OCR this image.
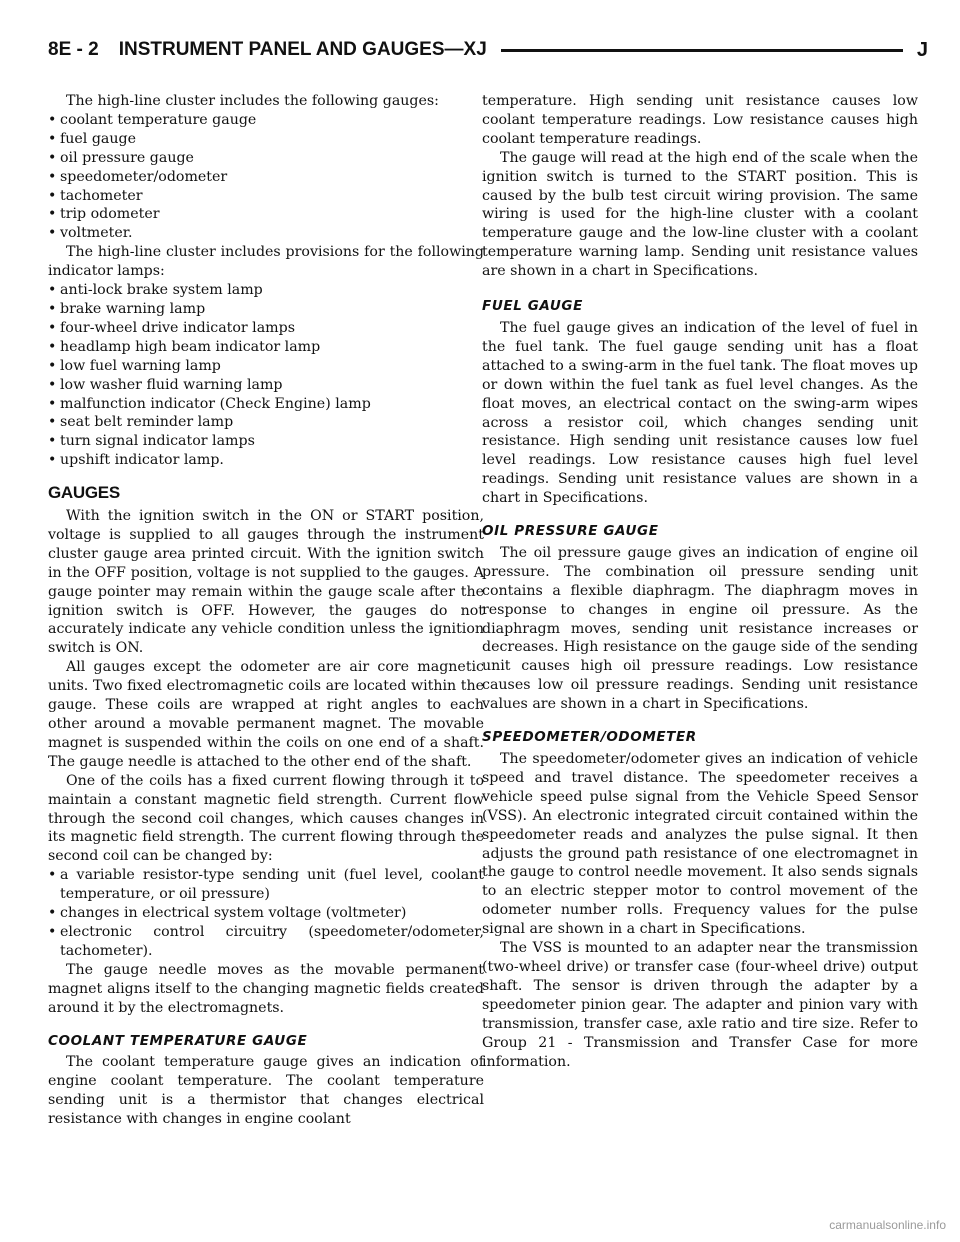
8E - 2 INSTRUMENT PANEL AND GAUGES—XJ	J

The high-line cluster includes the following gauges:

• coolant temperature gauge
• fuel gauge
• oil pressure gauge
• speedometer/odometer
• tachometer
• trip odometer
• voltmeter.

The high-line cluster includes provisions for the following indicator lamps:

• anti-lock brake system lamp
• brake warning lamp
• four-wheel drive indicator lamps
• headlamp high beam indicator lamp
• low fuel warning lamp
• low washer fluid warning lamp
• malfunction indicator (Check Engine) lamp
• seat belt reminder lamp
• turn signal indicator lamps
• upshift indicator lamp.
GAUGES

With the ignition switch in the ON or START position, voltage is supplied to all gauges through the instrument cluster gauge area printed circuit. With the ignition switch in the OFF position, voltage is not supplied to the gauges. A gauge pointer may remain within the gauge scale after the ignition switch is OFF. However, the gauges do not accurately indicate any vehicle condition unless the ignition switch is ON.

All gauges except the odometer are air core magnetic units. Two fixed electromagnetic coils are located within the gauge. These coils are wrapped at right angles to each other around a movable permanent magnet. The movable magnet is suspended within the coils on one end of a shaft. The gauge needle is attached to the other end of the shaft.

One of the coils has a fixed current flowing through it to maintain a constant magnetic field strength. Current flow through the second coil changes, which causes changes in its magnetic field strength. The current flowing through the second coil can be changed by:

• a variable resistor-type sending unit (fuel level, coolant temperature, or oil pressure)
• changes in electrical system voltage (voltmeter)
• electronic control circuitry (speedometer/odometer, tachometer).

The gauge needle moves as the movable permanent magnet aligns itself to the changing magnetic fields created around it by the electromagnets.

COOLANT TEMPERATURE GAUGE

The coolant temperature gauge gives an indication of engine coolant temperature. The coolant temperature sending unit is a thermistor that changes electrical resistance with changes in engine coolant

temperature. High sending unit resistance causes low coolant temperature readings. Low resistance causes high coolant temperature readings.

The gauge will read at the high end of the scale when the ignition switch is turned to the START position. This is caused by the bulb test circuit wiring provision. The same wiring is used for the high-line cluster with a coolant temperature gauge and the low-line cluster with a coolant temperature warning lamp. Sending unit resistance values are shown in a chart in Specifications.

FUEL GAUGE

The fuel gauge gives an indication of the level of fuel in the fuel tank. The fuel gauge sending unit has a float attached to a swing-arm in the fuel tank. The float moves up or down within the fuel tank as fuel level changes. As the float moves, an electrical contact on the swing-arm wipes across a resistor coil, which changes sending unit resistance. High sending unit resistance causes low fuel level readings. Low resistance causes high fuel level readings. Sending unit resistance values are shown in a chart in Specifications.

OIL PRESSURE GAUGE

The oil pressure gauge gives an indication of engine oil pressure. The combination oil pressure sending unit contains a flexible diaphragm. The diaphragm moves in response to changes in engine oil pressure. As the diaphragm moves, sending unit resistance increases or decreases. High resistance on the gauge side of the sending unit causes high oil pressure readings. Low resistance causes low oil pressure readings. Sending unit resistance values are shown in a chart in Specifications.

SPEEDOMETER/ODOMETER

The speedometer/odometer gives an indication of vehicle speed and travel distance. The speedometer receives a vehicle speed pulse signal from the Vehicle Speed Sensor (VSS). An electronic integrated circuit contained within the speedometer reads and analyzes the pulse signal. It then adjusts the ground path resistance of one electromagnet in the gauge to control needle movement. It also sends signals to an electric stepper motor to control movement of the odometer number rolls. Frequency values for the pulse signal are shown in a chart in Specifications.

The VSS is mounted to an adapter near the transmission (two-wheel drive) or transfer case (four-wheel drive) output shaft. The sensor is driven through the adapter by a speedometer pinion gear. The adapter and pinion vary with transmission, transfer case, axle ratio and tire size. Refer to Group 21 - Transmission and Transfer Case for more information.

carmanualsonline.info
